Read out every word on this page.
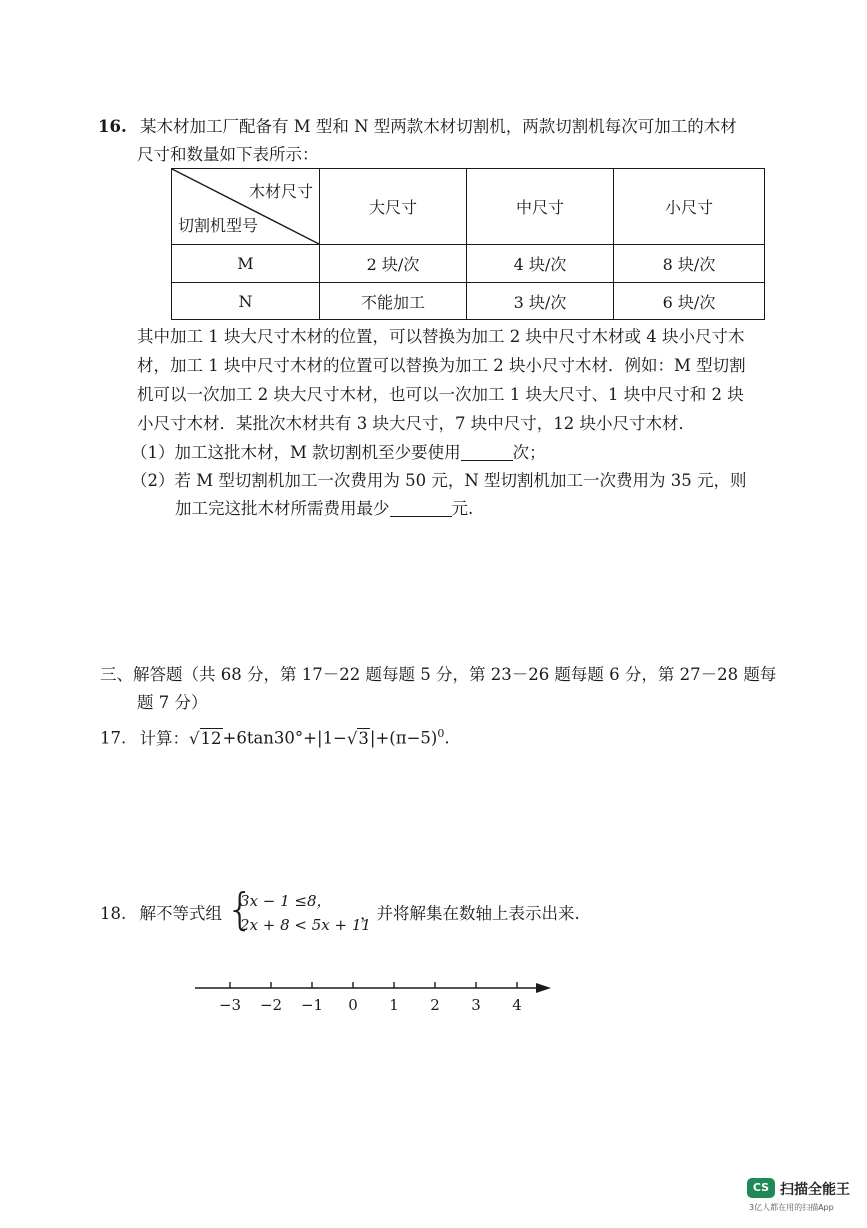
16. 某木材加工厂配备有 M 型和 N 型两款木材切割机，两款切割机每次可加工的木材
尺寸和数量如下表所示：
木材尺寸
切割机型号	大尺寸	中尺寸	小尺寸
M	2 块/次	4 块/次	8 块/次
N	不能加工	3 块/次	6 块/次
其中加工 1 块大尺寸木材的位置，可以替换为加工 2 块中尺寸木材或 4 块小尺寸木
材，加工 1 块中尺寸木材的位置可以替换为加工 2 块小尺寸木材．例如：M 型切割
机可以一次加工 2 块大尺寸木材，也可以一次加工 1 块大尺寸、1 块中尺寸和 2 块
小尺寸木材．某批次木材共有 3 块大尺寸，7 块中尺寸，12 块小尺寸木材．
（1）加工这批木材，M 款切割机至少要使用	次；
（2）若 M 型切割机加工一次费用为 50 元，N 型切割机加工一次费用为 35 元，则
加工完这批木材所需费用最少	元.
三、解答题（共 68 分，第 17－22 题每题 5 分，第 23－26 题每题 6 分，第 27－28 题每
题 7 分）
17. 计算：$√12+6\tan 30^\circ+|1-√3|+(\pi-5)^0$.
18. 解不等式组 {
3x − 1 ≤8，
2x + 8 < 5x + 11
，并将解集在数轴上表示出来.
−3 −2 −1 0 1 2 3 4
CS 扫描全能王
3亿人都在用的扫描App
